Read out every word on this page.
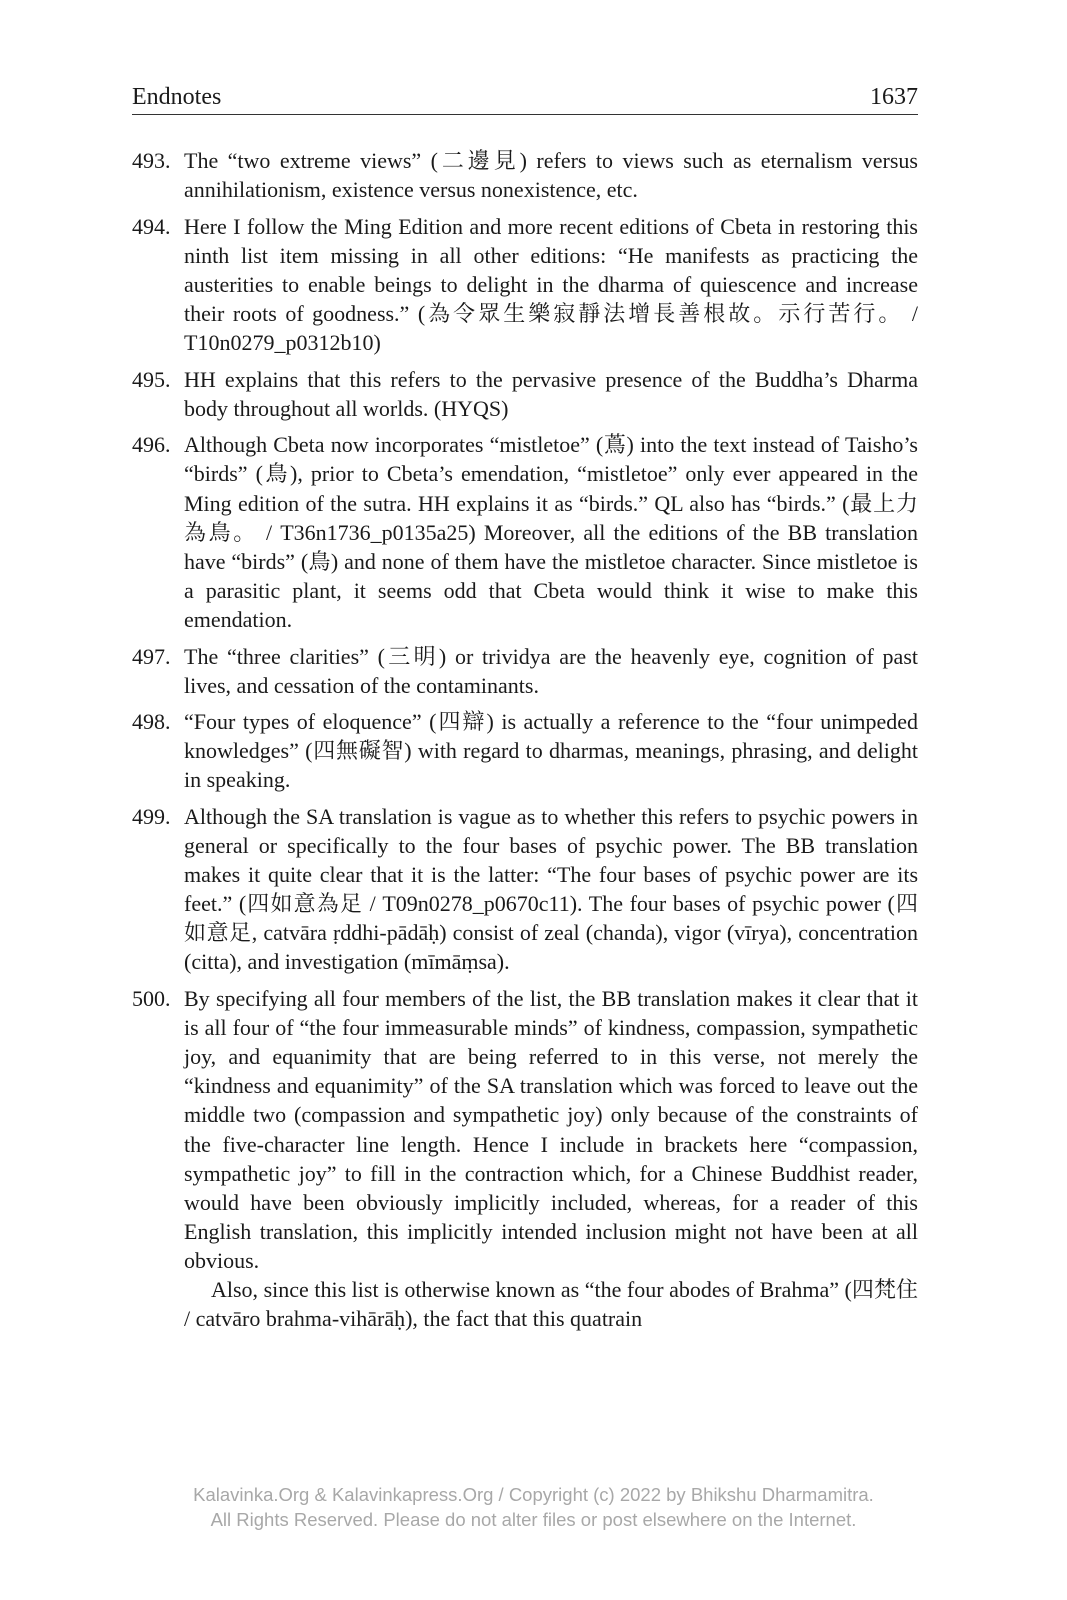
Endnotes	1637
493. The “two extreme views” (二邊見) refers to views such as eternalism versus annihilationism, existence versus nonexistence, etc.

494. Here I follow the Ming Edition and more recent editions of Cbeta in restoring this ninth list item missing in all other editions: “He manifests as practicing the austerities to enable beings to delight in the dharma of quiescence and increase their roots of goodness.” (為令眾生樂寂靜法增長善根故。示行苦行。 / T10n0279_p0312b10)

495. HH explains that this refers to the pervasive presence of the Buddha’s Dharma body throughout all worlds. (HYQS)

496. Although Cbeta now incorporates “mistletoe” (蔦) into the text instead of Taisho’s “birds” (鳥), prior to Cbeta’s emendation, “mistletoe” only ever appeared in the Ming edition of the sutra. HH explains it as “birds.” QL also has “birds.” (最上力為鳥。 / T36n1736_p0135a25) Moreover, all the editions of the BB translation have “birds” (鳥) and none of them have the mistletoe character. Since mistletoe is a parasitic plant, it seems odd that Cbeta would think it wise to make this emendation.

497. The “three clarities” (三明) or trividya are the heavenly eye, cognition of past lives, and cessation of the contaminants.

498. “Four types of eloquence” (四辯) is actually a reference to the “four unimpeded knowledges” (四無礙智) with regard to dharmas, meanings, phrasing, and delight in speaking.

499. Although the SA translation is vague as to whether this refers to psychic powers in general or specifically to the four bases of psychic power. The BB translation makes it quite clear that it is the latter: “The four bases of psychic power are its feet.” (四如意為足 / T09n0278_p0670c11). The four bases of psychic power (四如意足, catvāra ṛddhi-pādāḥ) consist of zeal (chanda), vigor (vīrya), concentration (citta), and investigation (mīmāṃsa).

500. By specifying all four members of the list, the BB translation makes it clear that it is all four of “the four immeasurable minds” of kindness, compassion, sympathetic joy, and equanimity that are being referred to in this verse, not merely the “kindness and equanimity” of the SA translation which was forced to leave out the middle two (compassion and sympathetic joy) only because of the constraints of the five-character line length. Hence I include in brackets here “compassion, sympathetic joy” to fill in the contraction which, for a Chinese Buddhist reader, would have been obviously implicitly included, whereas, for a reader of this English translation, this implicitly intended inclusion might not have been at all obvious.

Also, since this list is otherwise known as “the four abodes of Brahma” (四梵住 / catvāro brahma-vihārāḥ), the fact that this quatrain

Kalavinka.Org & Kalavinkapress.Org / Copyright (c) 2022 by Bhikshu Dharmamitra.
All Rights Reserved. Please do not alter files or post elsewhere on the Internet.
